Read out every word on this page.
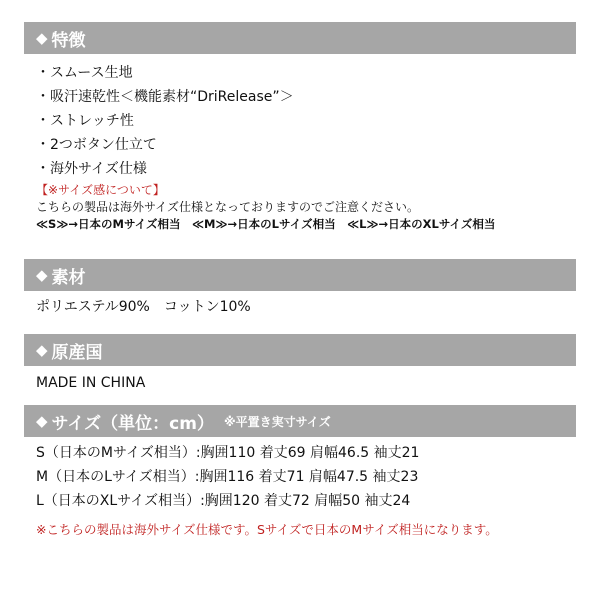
◆ 特徴
・スムース生地
・吸汗速乾性＜機能素材“DriRelease”＞
・ストレッチ性
・2つボタン仕立て
・海外サイズ仕様
【※サイズ感について】
こちらの製品は海外サイズ仕様となっておりますのでご注意ください。
≪S≫→日本のMサイズ相当　≪M≫→日本のLサイズ相当　≪L≫→日本のXLサイズ相当
◆ 素材
ポリエステル90%　コットン10%
◆ 原産国
MADE IN CHINA
◆ サイズ（単位：cm） ※平置き実寸サイズ
S（日本のMサイズ相当）:胸囲110 着丈69 肩幅46.5 袖丈21
M（日本のLサイズ相当）:胸囲116 着丈71 肩幅47.5 袖丈23
L（日本のXLサイズ相当）:胸囲120 着丈72 肩幅50 袖丈24
※こちらの製品は海外サイズ仕様です。Sサイズで日本のMサイズ相当になります。
